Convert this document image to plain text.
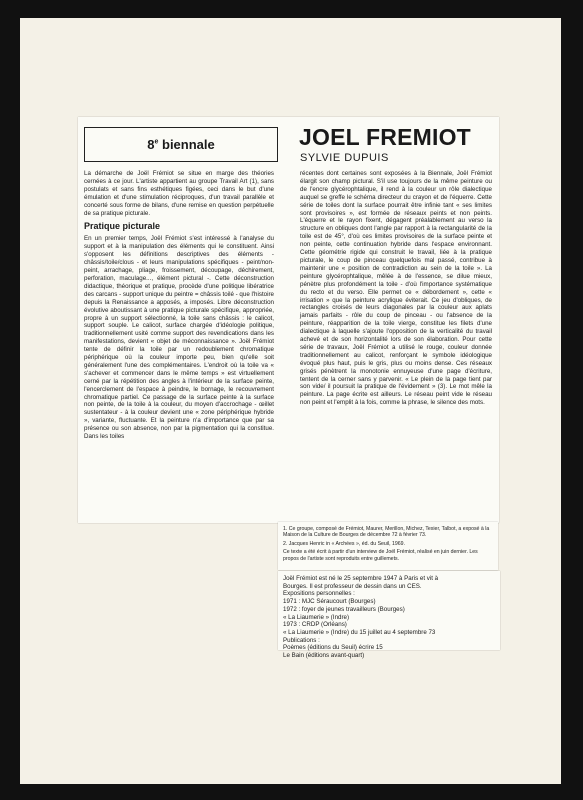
8e biennale	JOEL FREMIOT
SYLVIE DUPUIS

La démarche de Joël Frémiot se situe en marge des théories cernées à ce jour. L'artiste appartient au groupe Travail Art (1), sans postulats et sans fins esthétiques figées, ceci dans le but d'une émulation et d'une stimulation réciproques, d'un travail parallèle et concerté sous forme de bilans, d'une remise en question perpétuelle de sa pratique picturale.

Pratique picturale

En un premier temps, Joël Frémiot s'est intéressé à l'analyse du support et à la manipulation des éléments qui le constituent. Ainsi s'opposent les définitions descriptives des éléments - châssis/toile/clous - et leurs manipulations spécifiques - peint/non-peint, arrachage, pliage, froissement, découpage, déchirement, perforation, maculage..., élément pictural -. Cette déconstruction didactique, théorique et pratique, procède d'une politique libératrice des carcans - support unique du peintre = châssis toilé - que l'histoire depuis la Renaissance a apposés, a imposés. Libre déconstruction évolutive aboutissant à une pratique picturale spécifique, appropriée, propre à un support sélectionné, la toile sans châssis : le calicot, support souple. Le calicot, surface chargée d'idéologie politique, traditionnellement usité comme support des revendications dans les manifestations, devient « objet de méconnaissance ». Joël Frémiot tente de définir la toile par un redoublement chromatique périphérique où la couleur importe peu, bien qu'elle soit généralement l'une des complémentaires. L'endroit où la toile va « s'achever et commencer dans le même temps » est virtuellement cerné par la répétition des angles à l'intérieur de la surface peinte, l'encerclement de l'espace à peindre, le bornage, le recouvrement chromatique partiel. Ce passage de la surface peinte à la surface non peinte, de la toile à la couleur, du moyen d'accrochage - œillet sustentateur - à la couleur devient une « zone périphérique hybride », variante, fluctuante. Et la peinture n'a d'importance que par sa présence ou son absence, non par la pigmentation qui la constitue. Dans les toiles

récentes dont certaines sont exposées à la Biennale, Joël Frémiot élargit son champ pictural. S'il use toujours de la même peinture ou de l'encre glycérophtalique, il rend à la couleur un rôle dialectique auquel se greffe le schéma directeur du crayon et de l'équerre. Cette série de toiles dont la surface pourrait être infinie tant « ses limites sont provisoires », est formée de réseaux peints et non peints. L'équerre et le rayon fixent, dégagent préalablement au verso la structure en obliques dont l'angle par rapport à la rectangularité de la toile est de 45°, d'où ces limites provisoires de la surface peinte et non peinte, cette continuation hybride dans l'espace environnant. Cette géométrie rigide qui construit le travail, liée à la pratique picturale, le coup de pinceau quelquefois mal passé, contribue à maintenir une « position de contradiction au sein de la toile ». La peinture glycérophtalique, mêlée à de l'essence, se dilue mieux, pénètre plus profondément la toile - d'où l'importance systématique du recto et du verso. Elle permet ce « débordement », cette « irrisation » que la peinture acrylique éviterait. Ce jeu d'obliques, de rectangles croisés de leurs diagonales par la couleur aux aplats jamais parfaits - rôle du coup de pinceau - ou l'absence de la peinture, réapparition de la toile vierge, constitue les filets d'une dialectique à laquelle s'ajoute l'opposition de la verticalité du travail achevé et de son horizontalité lors de son élaboration. Pour cette série de travaux, Joël Frémiot a utilisé le rouge, couleur donnée traditionnellement au calicot, renforçant le symbole idéologique évoqué plus haut, puis le gris, plus ou moins dense. Ces réseaux grisés pénètrent la monotonie ennuyeuse d'une page d'écriture, tentent de la cerner sans y parvenir. « Le plein de la page tient par son vide/ il poursuit la pratique de l'évidement » (3). Le mot mêle la peinture. La page écrite est ailleurs. Le réseau peint vide le réseau non peint et l'emplit à la fois, comme la phrase, le silence des mots.

1. Ce groupe, composé de Frémiot, Maurer, Merillon, Michez, Texier, Talbot, a exposé à la Maison de la Culture de Bourges de décembre 72 à février 73.
2. Jacques Henric in « Archées », éd. du Seuil, 1969.
Ce texte a été écrit à partir d'un interview de Joël Frémiot, réalisé en juin dernier. Les propos de l'artiste sont reproduits entre guillemets.
Joël Frémiot est né le 25 septembre 1947 à Paris et vit à
Bourges. Il est professeur de dessin dans un CES.
Expositions personnelles :
1971 : MJC Séraucourt (Bourges)
1972 : foyer de jeunes travailleurs (Bourges)
« La Liaumerie » (Indre)
1973 : CRDP (Orléans)
« La Liaumerie » (Indre) du 15 juillet au 4 septembre 73
Publications :
Poèmes (éditions du Seuil) écrire 15
Le Bain (éditions avant-quart)
